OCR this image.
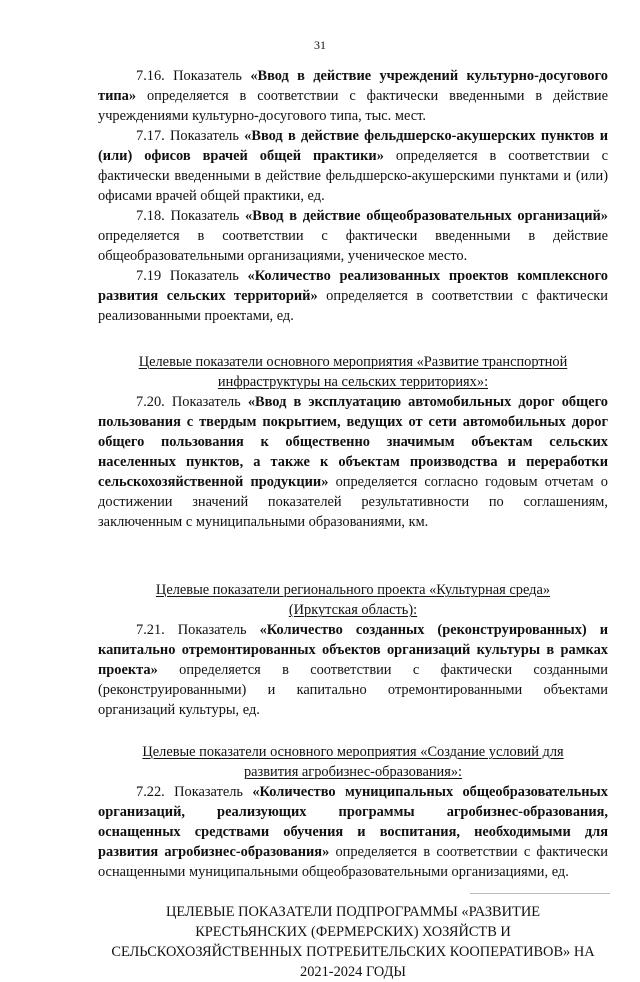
31

7.16. Показатель «Ввод в действие учреждений культурно-досугового типа» определяется в соответствии с фактически введенными в действие учреждениями культурно-досугового типа, тыс. мест.

7.17. Показатель «Ввод в действие фельдшерско-акушерских пунктов и (или) офисов врачей общей практики» определяется в соответствии с фактически введенными в действие фельдшерско-акушерскими пунктами и (или) офисами врачей общей практики, ед.

7.18. Показатель «Ввод в действие общеобразовательных организаций» определяется в соответствии с фактически введенными в действие общеобразовательными организациями, ученическое место.

7.19 Показатель «Количество реализованных проектов комплексного развития сельских территорий» определяется в соответствии с фактически реализованными проектами, ед.

Целевые показатели основного мероприятия «Развитие транспортной
инфраструктуры на сельских территориях»:

7.20. Показатель «Ввод в эксплуатацию автомобильных дорог общего пользования с твердым покрытием, ведущих от сети автомобильных дорог общего пользования к общественно значимым объектам сельских населенных пунктов, а также к объектам производства и переработки сельскохозяйственной продукции» определяется согласно годовым отчетам о достижении значений показателей результативности по соглашениям, заключенным с муниципальными образованиями, км.

Целевые показатели регионального проекта «Культурная среда»
(Иркутская область):

7.21. Показатель «Количество созданных (реконструированных) и капитально отремонтированных объектов организаций культуры в рамках проекта» определяется в соответствии с фактически созданными (реконструированными) и капитально отремонтированными объектами организаций культуры, ед.

Целевые показатели основного мероприятия «Создание условий для
развития агробизнес-образования»:

7.22. Показатель «Количество муниципальных общеобразовательных организаций, реализующих программы агробизнес-образования, оснащенных средствами обучения и воспитания, необходимыми для развития агробизнес-образования» определяется в соответствии с фактически оснащенными муниципальными общеобразовательными организациями, ед.

ЦЕЛЕВЫЕ ПОКАЗАТЕЛИ ПОДПРОГРАММЫ «РАЗВИТИЕ
КРЕСТЬЯНСКИХ (ФЕРМЕРСКИХ) ХОЗЯЙСТВ И
СЕЛЬСКОХОЗЯЙСТВЕННЫХ ПОТРЕБИТЕЛЬСКИХ КООПЕРАТИВОВ» НА
2021-2024 ГОДЫ
